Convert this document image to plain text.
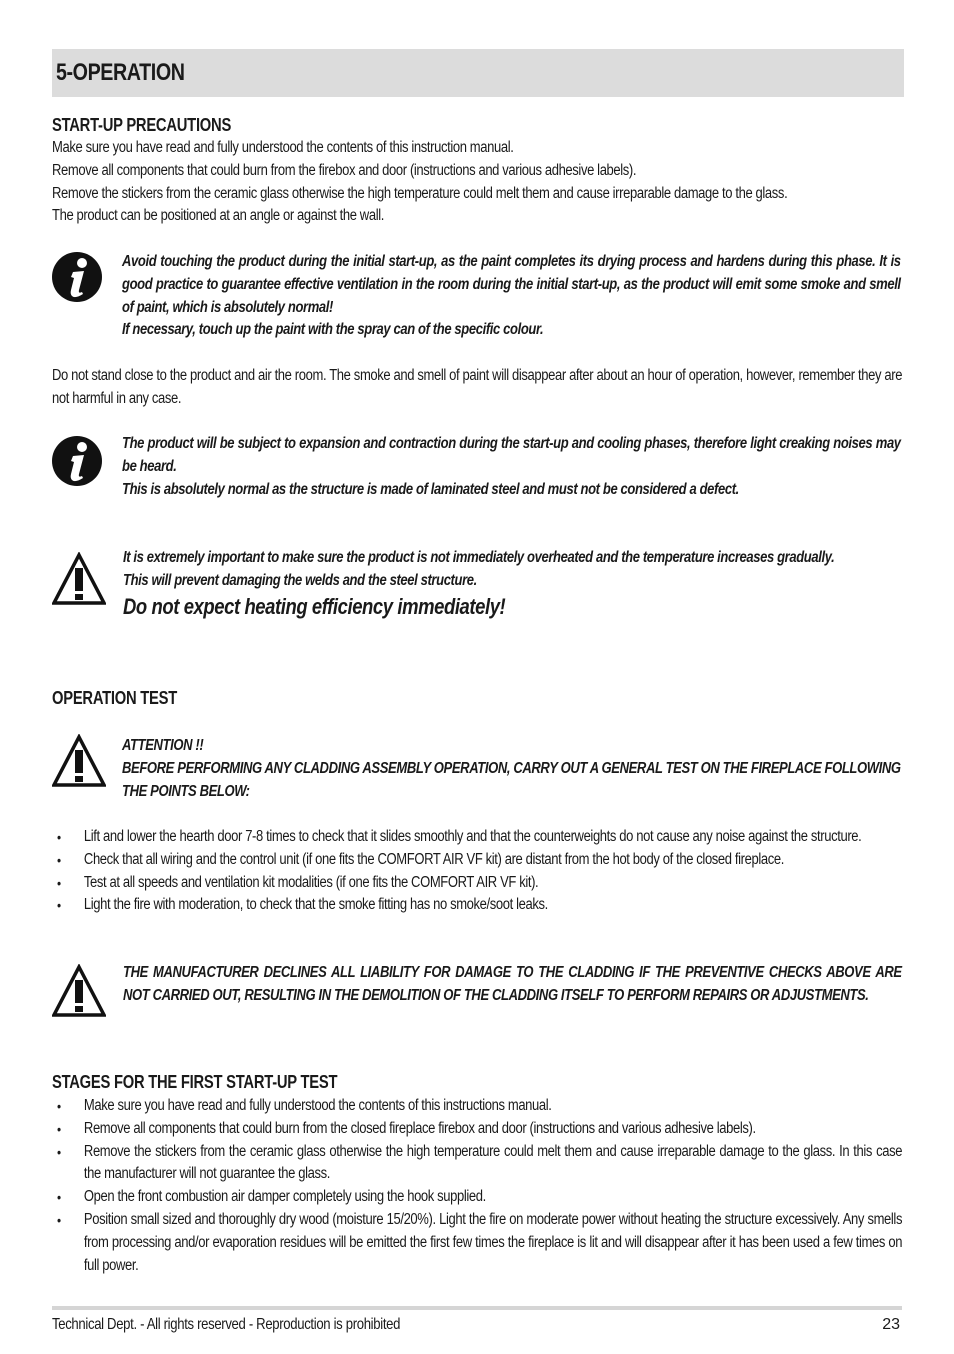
5-OPERATION
START-UP PRECAUTIONS

Make sure you have read and fully understood the contents of this instruction manual.

Remove all components that could burn from the firebox and door (instructions and various adhesive labels).

Remove the stickers from the ceramic glass otherwise the high temperature could melt them and cause irreparable damage to the glass.

The product can be positioned at an angle or against the wall.

Avoid touching the product during the initial start-up, as the paint completes its drying process and hardens during this phase. It is good practice to guarantee effective ventilation in the room during the initial start-up, as the product will emit some smoke and smell of paint, which is absolutely normal!

If necessary, touch up the paint with the spray can of the specific colour.

Do not stand close to the product and air the room. The smoke and smell of paint will disappear after about an hour of operation, however, remember they are not harmful in any case.

The product will be subject to expansion and contraction during the start-up and cooling phases, therefore light creaking noises may be heard.

This is absolutely normal as the structure is made of laminated steel and must not be considered a defect.

It is extremely important to make sure the product is not immediately overheated and the temperature increases gradually.

This will prevent damaging the welds and the steel structure.

Do not expect heating efficiency immediately!

OPERATION TEST

ATTENTION !!

BEFORE PERFORMING ANY CLADDING ASSEMBLY OPERATION, CARRY OUT A GENERAL TEST ON THE FIREPLACE FOLLOWING THE POINTS BELOW:

• Lift and lower the hearth door 7-8 times to check that it slides smoothly and that the counterweights do not cause any noise against the structure.
• Check that all wiring and the control unit (if one fits the COMFORT AIR VF kit) are distant from the hot body of the closed fireplace.
• Test at all speeds and ventilation kit modalities (if one fits the COMFORT AIR VF kit).
• Light the fire with moderation, to check that the smoke fitting has no smoke/soot leaks.
THE MANUFACTURER DECLINES ALL LIABILITY FOR DAMAGE TO THE CLADDING IF THE PREVENTIVE CHECKS ABOVE ARE NOT CARRIED OUT, RESULTING IN THE DEMOLITION OF THE CLADDING ITSELF TO PERFORM REPAIRS OR ADJUSTMENTS.
STAGES FOR THE FIRST START-UP TEST
• Make sure you have read and fully understood the contents of this instructions manual.
• Remove all components that could burn from the closed fireplace firebox and door (instructions and various adhesive labels).
• Remove the stickers from the ceramic glass otherwise the high temperature could melt them and cause irreparable damage to the glass. In this case the manufacturer will not guarantee the glass.
• Open the front combustion air damper completely using the hook supplied.
• Position small sized and thoroughly dry wood (moisture 15/20%). Light the fire on moderate power without heating the structure excessively. Any smells from processing and/or evaporation residues will be emitted the first few times the fireplace is lit and will disappear after it has been used a few times on full power.
Technical Dept. - All rights reserved - Reproduction is prohibited	23
